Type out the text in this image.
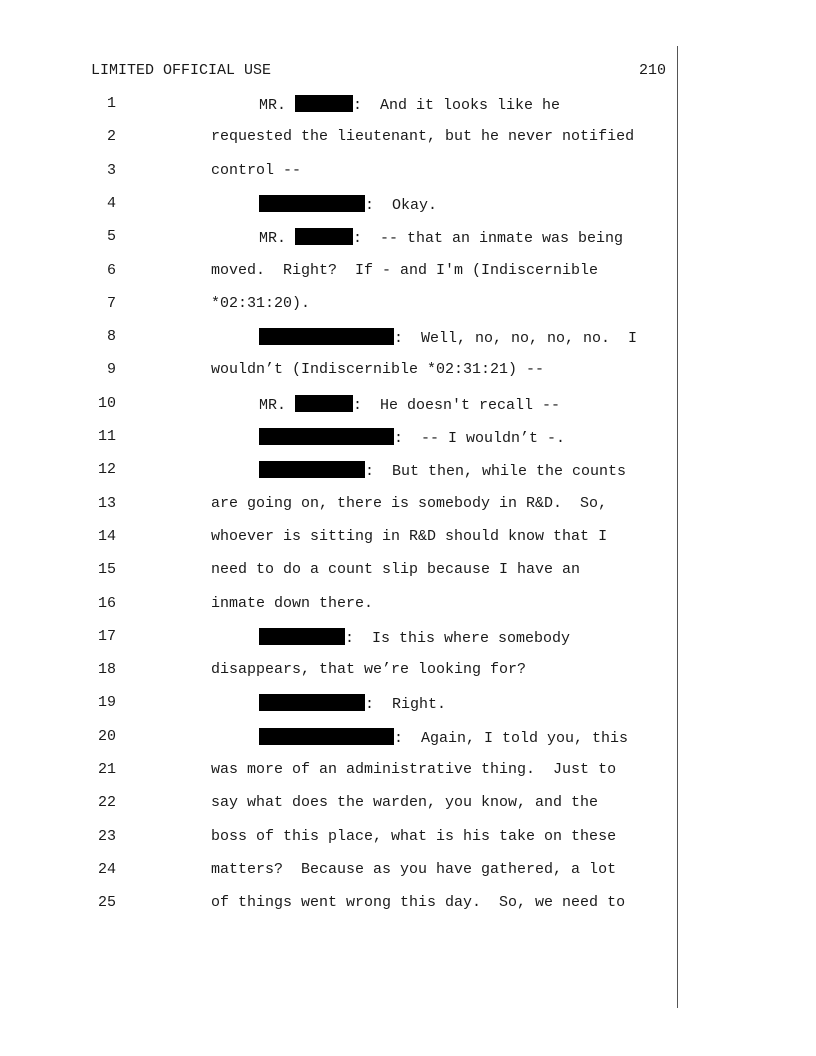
LIMITED OFFICIAL USE	210
1	MR.	:  And it looks like he
2	requested the lieutenant, but he never notified
3	control --
4	:  Okay.
5	MR.	:  -- that an inmate was being
6	moved.  Right?  If - and I'm (Indiscernible
7	*02:31:20).
8	:  Well, no, no, no, no.  I
9	wouldn’t (Indiscernible *02:31:21) --
10	MR.	:  He doesn't recall --
11	:  -- I wouldn’t -.
12	:  But then, while the counts
13	are going on, there is somebody in R&D.  So,
14	whoever is sitting in R&D should know that I
15	need to do a count slip because I have an
16	inmate down there.
17	:  Is this where somebody
18	disappears, that we’re looking for?
19	:  Right.
20	:  Again, I told you, this
21	was more of an administrative thing.  Just to
22	say what does the warden, you know, and the
23	boss of this place, what is his take on these
24	matters?  Because as you have gathered, a lot
25	of things went wrong this day.  So, we need to
